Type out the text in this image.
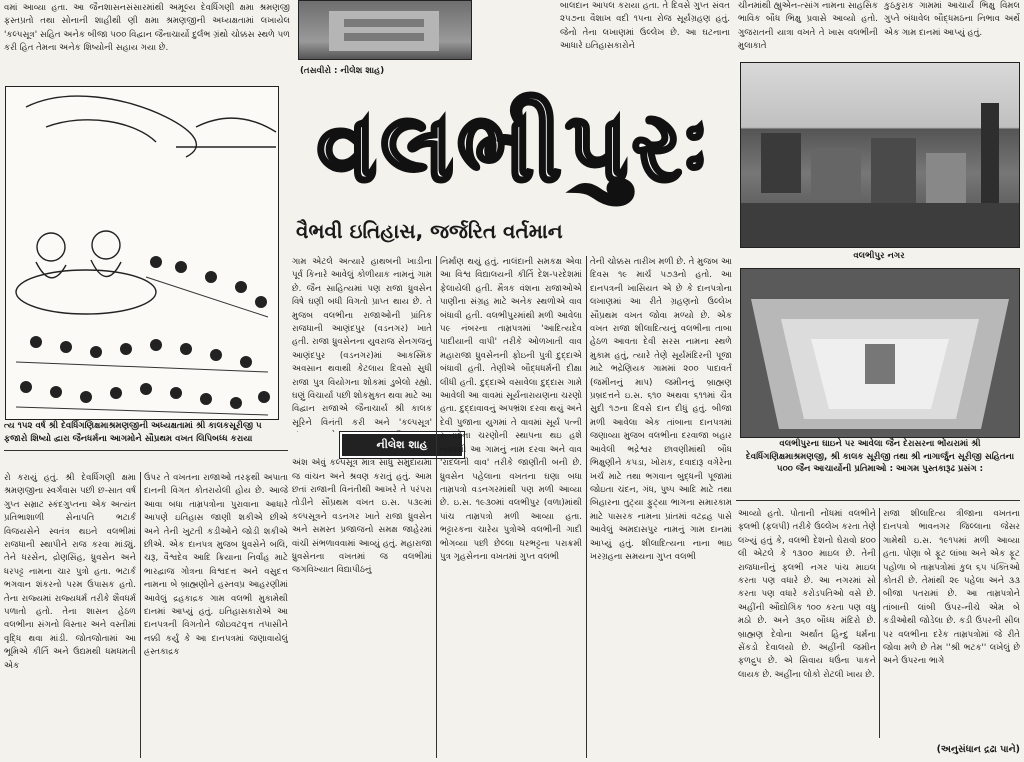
વમાં આવ્યા હતા. આ જૈનશાસનસંસારમાંથી અમૂલ્ય દેવર્ધિગણી ક્ષમા શ્રમણજી ફસ્તપ્રતો તથા સોનાની શાહીથી ણી ક્ષમા શ્રમણજીની અધ્યક્ષતામાં લખાયેલ 'કલ્પસૂત્ર' સહિત અનેક બીજા ૫૦૦ વિદ્વાન જૈનાચાર્યો દુર્લભ ગ્રંથો ચોક્કસ સ્થળે ૫ળ કરી હિત તેમના અનેક શિષ્યોની સહાય ગયા છે.

(તસવીરો : નીલેશ શાહ)

બાલદાન આપલ કરાયા હતા. તે દિવસે ગુપ્ત સંવત ૨૫૭ના વૈશાખ વદી ૧૫ના રોજ સૂર્યગ્રહણ હતું. જેનો તેના લખાણમાં ઉલ્લેખ છે. આ ઘટનાના આધારે ઇતિહાસકારોને

ચીનમાંથી હ્યુએન-ત્સાંગ નામના સાહસિક ભાવિક બૌધ ભિક્ષુ પ્રવાસે આવ્યો હતો. ગુજરાતની યાત્રા વખતે તે ખાસ વલભીની મુલાકાતે

કુઠકુરાક ગામમાં આચાર્ય ભિક્ષુ વિમલ ગુપ્તે બંધાવેલ બૌદ્ધમઠના નિભાવ અર્થે એક ગામ દાનમાં આપ્યું હતું.

ત્ય ૧૫૨ વર્ષ શ્રી દેવર્ધિગણિક્ષમાશ્રમણજીની અધ્યક્ષતામાં શ્રી કાલકસૂરીજી ૫ ફજારો શિષ્યો દ્વારા જૈનધર્મના આગમોને સૌપ્રથમ વખત લિપિબધ્ધ કરાયા
વલભીપુરઃ
વૈભવી ઇતિહાસ, જર્જરિત વર્તમાન
વલભીપુર નગર
વલભીપુરના ઘાઇને પર આવેલા જૈન દેરાસરના ભોંયરામાં શ્રી દેવર્ધિગણિક્ષમાશ્રમણજી, શ્રી કાલક સૂરીજી તથા શ્રી નાગાર્જુન સૂરીજી સહિતના ૫૦૦ જૈન આચાર્યોની પ્રતિમાઓ : આગમ પુસ્તકારૂઢ પ્રસંગ :

ગામ એટલે અત્યારે હાથબની ખાડીના પૂર્વ કિનારે આવેલું કોળીયાક નામનું ગામ છે. જૈન સાહિત્યમાં પણ રાજા ધ્રુવસેન વિષે ઘણી બધી વિગતો પ્રાપ્ત થાય છે. તે મુજબ વલભીના રાજાઓની પ્રાંતિક રાજધાની આણંદપુર (વડનગર) ખાતે હતી. રાજા ધ્રુવસેનના યુવરાજ સેનગજનું આણંદપુર (વડનગર)માં આકસ્મિક અવસાન થવાથી કેટલાય દિવસો સુધી રાજા પુત્ર વિયોગના શોકમાં ડુબેલો રહ્યો. ઘણું વિચાર્યા પછી શોકમુક્ત થવા માટે આ વિદ્વાન રાજાએ જૈનાચાર્ય શ્રી કાલક સૂરિને વિનંતી કરી અને 'કલ્પસૂત્ર'

નીલેશ શાહ

અંશ એવું કલ્પસૂત્ર માત્ર સાધુ સમુદાયમાં જ વાંચન અને શ્રવણ કરાતું હતું. આમ છતાં રાજાની વિનંતીથી આખરે તે પરંપરા તોડીને સૌપ્રથમ વખત ઇ.સ. ૫૩૯માં કલ્પસૂત્રને વડનગર ખાતે રાજા ધ્રુવસેન અને સમસ્ત પ્રજાજનો સમક્ષ જાહેરમાં વાંચી સંભળાવવામાં આવ્યું હતું. મહારાજા ધ્રુવસેનના વખતમાં જ વલભીમાં જગવિખ્યાત વિદ્યાપીઠનું

નિર્માણ થયું હતું. નાલંદાની સમકક્ષ એવા આ વિશ્વ વિદ્યાલયની કીર્તિ દેશ-પરદેશમાં ફેલાયેલી હતી. મૈત્રક વંશના રાજાઓએ પાણીના સંગ્રહ માટે અનેક સ્થળોએ વાવ બંધાવી હતી. વલભીપુરમાંથી મળી આવેલા ૫૯ નંબરના તામ્રપત્રમાં 'આદિત્યદેવ પાદીયાની વાપી' તરીકે ઓળખાતી વાવ મહારાજા ધ્રુવસેનની ફોઇની પુત્રી દુદ્દાએ બંધાવી હતી. તેણીએ બૌદ્ધધર્મની દીક્ષા લીધી હતી. દુદ્દાએ વસાવેલા દુદ્દાસ ગામે આવેલી આ વાવમાં સૂર્યનારાયણના ચરણો હતા. દુદ્દાવાવનું અપભ્રંશ દરવા થયું અને દેવી પુજાના યુગમાં તે વાવમાં સૂર્ય પત્ની રન્નાદેના ચરણોની સ્થાપના થઇ હશે ત્યારથી આ ગામનું નામ દરવા અને વાવ 'રાંદલની વાવ' તરીકે જાણીતી બની છે. ધ્રુવસેન પહેલાના વખતના ઘણા બધા તામ્રપત્રો વડનગરમાંથી પણ મળી આવ્યા છે. ઇ.સ. ૧૯૩૦માં વલભીપુર (વળા)માંથી પાંચ તામ્રપત્રો મળી આવ્યા હતા. ભટ્ટારકના ચારેય પુત્રોએ વલભીની ગાદી ભોગવ્યા પછી છેલ્લા ધરભટ્ટના ૫રાક્રમી પુત્ર ગૃહસેનના વખતમાં ગુપ્ત વલભી

તેની ચોક્કસ તારીખ મળી છે. તે મુજબ આ દિવસ ૧૯ માર્ચ ૫૭૩નો હતો. આ દાનપત્રની ખાસિયત એ છે કે દાનપત્રોના લખાણમાં આ રીતે ગ્રહણનો ઉલ્લેખ સૌપ્રથમ વખત જોવા મળ્યો છે. એક વખત રાજા શીલાદિત્યનું વલભીના તાબા હેઠળ આવતા દેવી સરસ નામના સ્થળે મુકામ હતું, ત્યારે તેણે સૂર્યમંદિરની પૂજા માટે ભદ્રેણિયક ગામમાં ૨૦૦ પાદાવર્ત (જમીનનું માપ) જમીનનું બ્રાહ્મણ પ્રબ્રદત્તને ઇ.સ. ૬૧૦ અથવા ૬૧૧માં ચૈત્ર સુદી ૧૭ના દિવસે દાન દીધું હતું. બીજા મળી આવેલા એક તાંબાના દાનપત્રમાં જણાવ્યા મુજબ વલભીના દરવાજા બહાર આવેલી ભદ્રેશ્વર છાવણીમાંથી બૌધ ભિક્ષુણીને કપડા, ખોરાક, દવાદારૂ વગેરેના ખર્ચ માટે તથા ભગવાન બુદ્ધની પૂજામાં જોઇતા ચંદન, ગંધ, પુષ્પ આદિ માટે તથા બિહારના તુટ્યા ફુટ્યા ભાગના સમારકામ માટે પાસરક નામના પ્રાંતમાં વટદ્રહ પાસે આવેલું અમદાસપુર નામનું ગામ દાનમાં આપ્યું હતું. શીલાદિત્યના નાના ભાઇ ખરગ્રહના સમયના ગુપ્ત વલભી

રો કરાયું હતું. શ્રી દેવર્ધિગણી ક્ષમા શ્રમણજીના સ્વર્ગવાસ પછી છ-સાત વર્ષ ગુપ્ત સમ્રાટ સ્કંદગુપ્તના એક અત્યંત પ્રતિભાશાળી સેનાપતિ ભટાર્ક વિજયસેને સ્વતંત્ર થઇને વલભીમાં રાજધાની સ્થાપીને રાજ કરવા માંડ્યું. તેને ધરસેન, દ્રોણસિંહ, ધ્રુવસેન અને ધરપટ્ટ નામના ચાર પુત્રો હતા. ભટાર્ક ભગવાન શંકરનો પરમ ઉપાસક હતો. તેના રાજ્યમાં રાજ્યધર્મ તરીકે શૈવધર્મ પળાતો હતો. તેના શાસન હેઠળ વલભીના સંગનો વિસ્તાર અને વસ્તીમાં વૃદ્ધિ થવા માંડી. જોતજોતામાં આ ભૂમિએ કીર્તિ અને ઉદ્યમથી ધમધમતી એક

ઉપર તે વખતના રાજાઓ તરફથી અપાતા દાનની વિગત કોતરાયેલી હોય છે. આજે આવા બધા તામ્રપત્રોના પુરાવાના આધારે આપણે ઇતિહાસ જાણી શકીએ છીએ અને તેની ખુટતી કડીઓને જોડી શકીએ છીએ. એક દાનપત્ર મુજબ ધ્રુવસેને બલિ, ચરૂ, વૈશ્વદેવ આદિ ક્રિયાના નિર્વાહ માટે ભારદ્વાજ ગોત્રના વિશ્વદત્ત અને વસુદત્ત નામના બે બ્રાહ્મણોને હસ્તવપ્ર આહરણીમાં આવેલું દ્રહકાદ્રક ગામ વલભી મુકામેથી દાનમાં આપ્યું હતું. ઇતિહાસકારોએ આ દાનપત્રની વિગતોને જોઇવટવૃત્ત ત૫ાસીને નક્કી કર્યું કે આ દાનપત્રમાં જણાવાયેલું હ્રસ્તકાદ્રક

આવ્યો હતો. પોતાની નોંધમાં વલભીને ફ્લભી (ફલપી) તરીકે ઉલ્લેખ કરતા તેણે લખ્યું હતું કે, વલભી દેશનો ઘેરાવો ૪૦૦ લી એટલે કે ૧૩૦૦ માઇલ છે. તેની રાજધાનીનું ફ્લભી નગર પાંચ માઇલ કરતા પણ વધારે છે. આ નગરમાં સો કરતા પણ વધારે કરોડપતિઓ વસે છે. અહીંની ઔદ્યોગિક ૧૦૦ કરતા પણ વધુ મઠો છે. અને ૩૬૦ બૌધ્ધ મંદિરો છે. બ્રાહ્મણ દેવોના અર્થાત હિન્દુ ધર્મના સેંકડો દેવાલયો છે. અહીંની જમીન ફળદ્રુપ છે. એ સિવાય ધઉંના પાકને લાયક છે. અહીંના લોકો રોટલી ખાય છે.

રાજા શીલાદિત્ય ત્રીજાના વખતના દાનપત્રો ભાવનગર જિલ્લાના જેસર ગામેથી ઇ.સ. ૧૯૧૫માં મળી આવ્યા હતા. પોણા બે ફૂટ લાંબા અને એક ફૂટ પહોળા બે તામ્રપત્રોમાં કુલ ૬૫ પંક્તિઓ કોતરી છે. તેમાંથી ૨૯ પહેલા અને ૩૩ બીજા પતરામાં છે. આ તામ્રપત્રોને તાંબાની લાંબી ઉપર-નીચે એમ બે કડીઓથી જોડેલા છે. કડી ઉપરની સીલ પર વલભીના દરેક તામ્રપત્રોમાં જે રીતે જોવા મળે છે તેમ ''શ્રી ભટક'' લખેલું છે અને ઉપરના ભાગે

(અનુસંધાન દ્રઢા પાને)
